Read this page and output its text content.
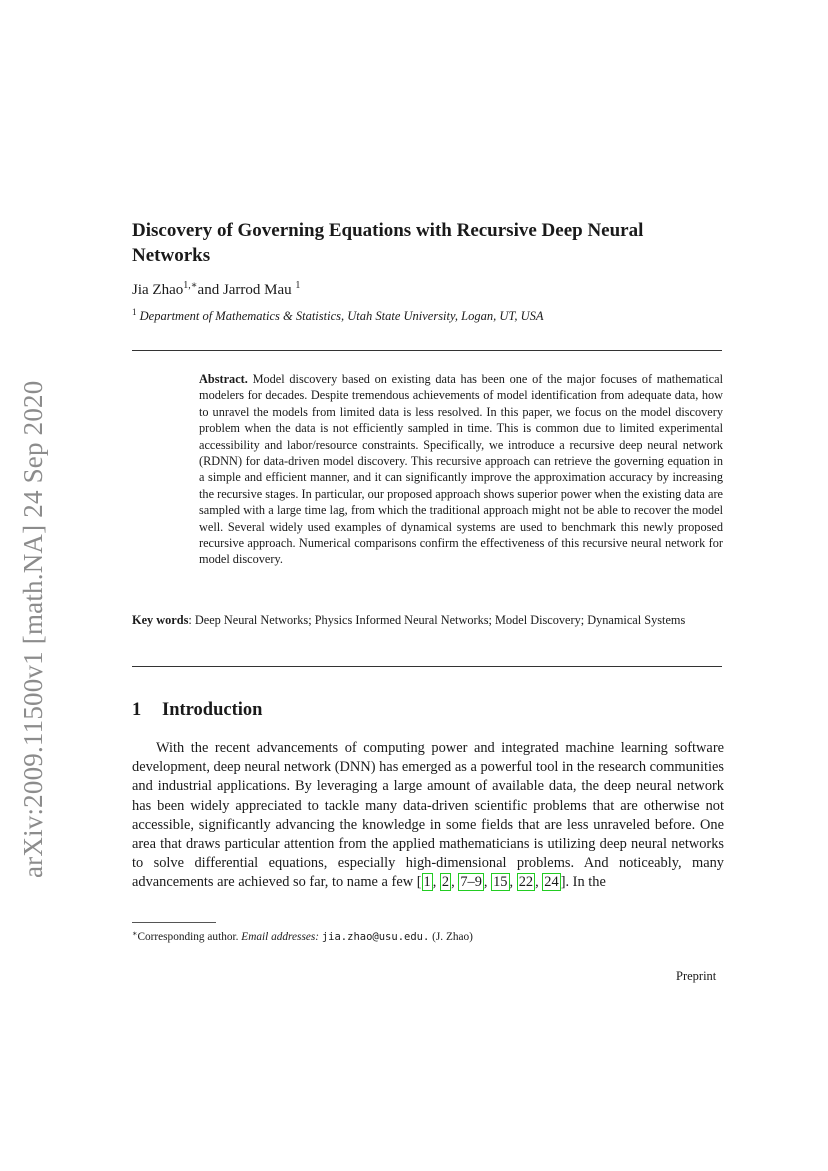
arXiv:2009.11500v1 [math.NA] 24 Sep 2020
Discovery of Governing Equations with Recursive Deep Neural Networks
Jia Zhao$^{1,∗}$and Jarrod Mau $^1$
$^1$ Department of Mathematics & Statistics, Utah State University, Logan, UT, USA

Abstract. Model discovery based on existing data has been one of the major focuses of mathematical modelers for decades. Despite tremendous achievements of model identification from adequate data, how to unravel the models from limited data is less resolved. In this paper, we focus on the model discovery problem when the data is not efficiently sampled in time. This is common due to limited experimental accessibility and labor/resource constraints. Specifically, we introduce a recursive deep neural network (RDNN) for data-driven model discovery. This recursive approach can retrieve the governing equation in a simple and efficient manner, and it can significantly improve the approximation accuracy by increasing the recursive stages. In particular, our proposed approach shows superior power when the existing data are sampled with a large time lag, from which the traditional approach might not be able to recover the model well. Several widely used examples of dynamical systems are used to benchmark this newly proposed recursive approach. Numerical comparisons confirm the effectiveness of this recursive neural network for model discovery.

Key words: Deep Neural Networks; Physics Informed Neural Networks; Model Discovery; Dynamical Systems

1 Introduction

With the recent advancements of computing power and integrated machine learning software development, deep neural network (DNN) has emerged as a powerful tool in the research communities and industrial applications. By leveraging a large amount of available data, the deep neural network has been widely appreciated to tackle many data-driven scientific problems that are otherwise not accessible, significantly advancing the knowledge in some fields that are less unraveled before. One area that draws particular attention from the applied mathematicians is utilizing deep neural networks to solve differential equations, especially high-dimensional problems. And noticeably, many advancements are achieved so far, to name a few [ 1 , 2 , 7–9 , 15 , 22 , 24 ]. In the

∗Corresponding author. Email addresses: jia.zhao@usu.edu. (J. Zhao)
Preprint
